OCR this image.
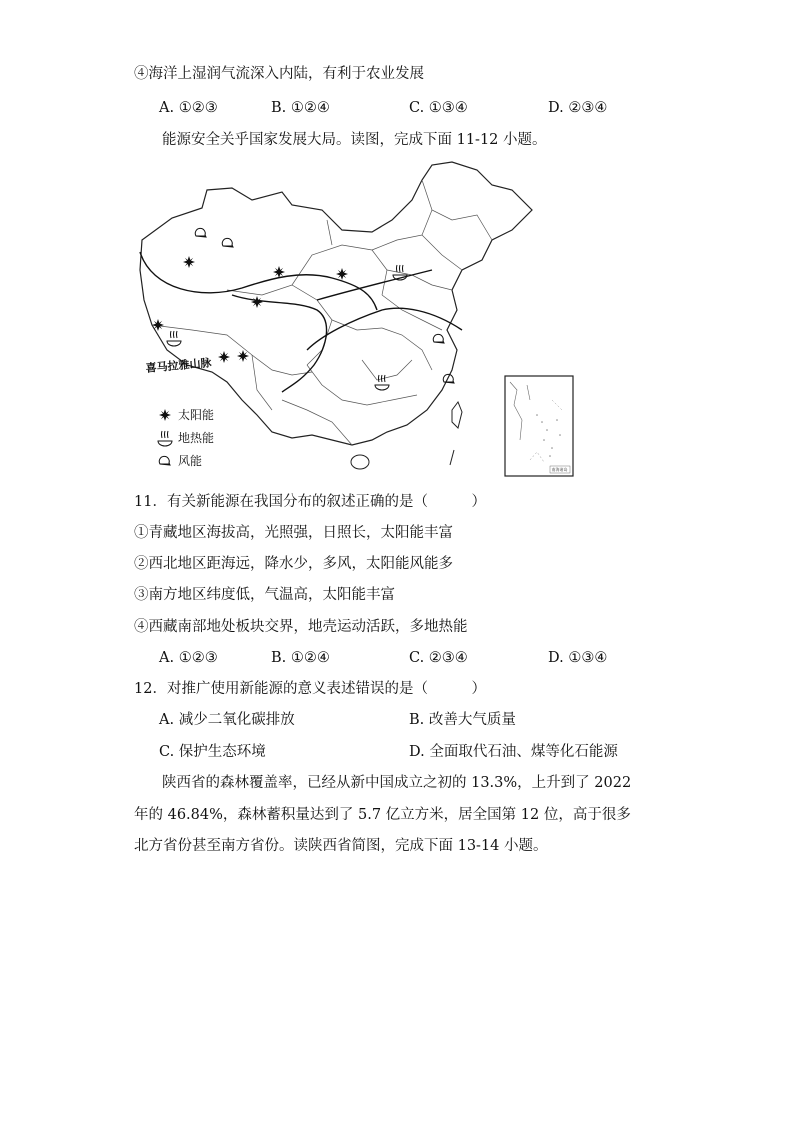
④海洋上湿润气流深入内陆，有利于农业发展
A. ①②③	B. ①②④	C. ①③④	D. ②③④
能源安全关乎国家发展大局。读图，完成下面 11-12 小题。
喜马拉雅山脉
太阳能
地热能
风能
南海诸岛
11．有关新能源在我国分布的叙述正确的是（　　　）
①青藏地区海拔高，光照强，日照长，太阳能丰富
②西北地区距海远，降水少，多风，太阳能风能多
③南方地区纬度低，气温高，太阳能丰富
④西藏南部地处板块交界，地壳运动活跃，多地热能
A. ①②③	B. ①②④	C. ②③④	D. ①③④
12．对推广使用新能源的意义表述错误的是（　　　）
A. 减少二氧化碳排放	B. 改善大气质量
C. 保护生态环境	D. 全面取代石油、煤等化石能源
陕西省的森林覆盖率，已经从新中国成立之初的 13.3%，上升到了 2022
年的 46.84%，森林蓄积量达到了 5.7 亿立方米，居全国第 12 位，高于很多
北方省份甚至南方省份。读陕西省简图，完成下面 13-14 小题。
